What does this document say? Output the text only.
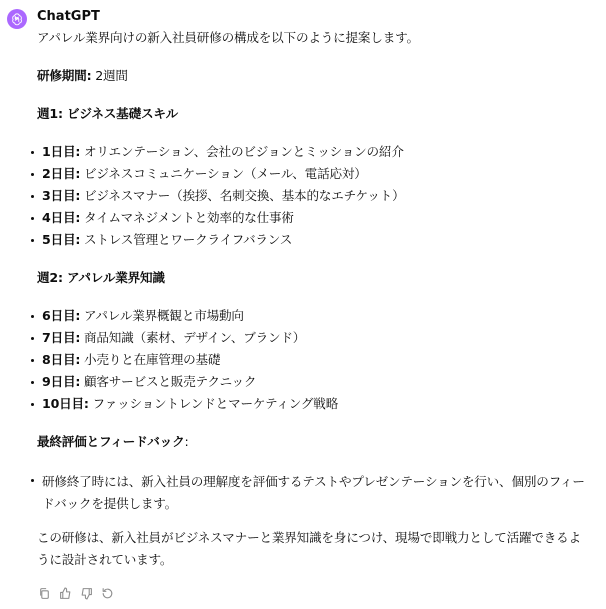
ChatGPT
アパレル業界向けの新入社員研修の構成を以下のように提案します。
研修期間: 2週間
週1: ビジネス基礎スキル
1日目: オリエンテーション、会社のビジョンとミッションの紹介
2日目: ビジネスコミュニケーション（メール、電話応対）
3日目: ビジネスマナー（挨拶、名刺交換、基本的なエチケット）
4日目: タイムマネジメントと効率的な仕事術
5日目: ストレス管理とワークライフバランス
週2: アパレル業界知識
6日目: アパレル業界概観と市場動向
7日目: 商品知識（素材、デザイン、ブランド）
8日目: 小売りと在庫管理の基礎
9日目: 顧客サービスと販売テクニック
10日目: ファッショントレンドとマーケティング戦略
最終評価とフィードバック:
研修終了時には、新入社員の理解度を評価するテストやプレゼンテーションを行い、個別のフィードバックを提供します。
この研修は、新入社員がビジネスマナーと業界知識を身につけ、現場で即戦力として活躍できるように設計されています。
